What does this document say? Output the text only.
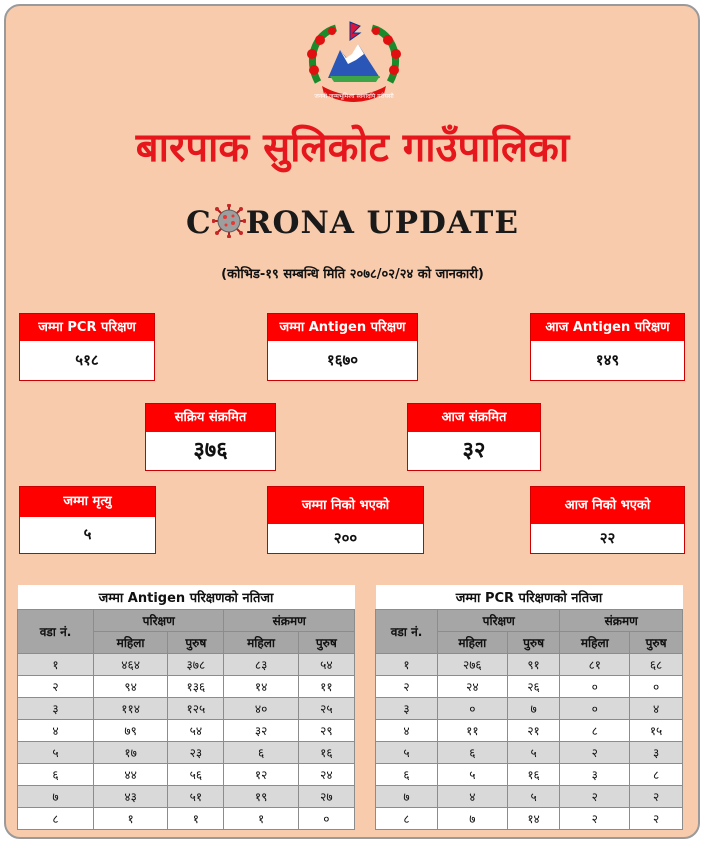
जननी जन्मभूमिश्च स्वर्गादपि गरीयसी
बारपाक सुलिकोट गाउँपालिका
C RONA UPDATE
(कोभिड-१९ सम्बन्धि मिति २०७८/०२/२४ को जानकारी)
जम्मा PCR परिक्षण
५१८
जम्मा Antigen परिक्षण
१६७०
आज Antigen परिक्षण
१४९
सक्रिय संक्रमित
३७६
आज संक्रमित
३२
जम्मा मृत्यु
५
जम्मा निको भएको
२००
आज निको भएको
२२
जम्मा Antigen परिक्षणको नतिजा				
वडा नं.	परिक्षण		संक्रमण	
	महिला	पुरुष	महिला	पुरुष
१	४६४	३७८	८३	५४
२	९४	१३६	१४	११
३	११४	१२५	४०	२५
४	७९	५४	३२	२९
५	१७	२३	६	१६
६	४४	५६	१२	२४
७	४३	५१	१९	२७
८	१	१	१	०
जम्मा PCR परिक्षणको नतिजा				
वडा नं.	परिक्षण		संक्रमण	
	महिला	पुरुष	महिला	पुरुष
१	२७६	९१	८१	६८
२	२४	२६	०	०
३	०	७	०	४
४	११	२१	८	१५
५	६	५	२	३
६	५	१६	३	८
७	४	५	२	२
८	७	१४	२	२
